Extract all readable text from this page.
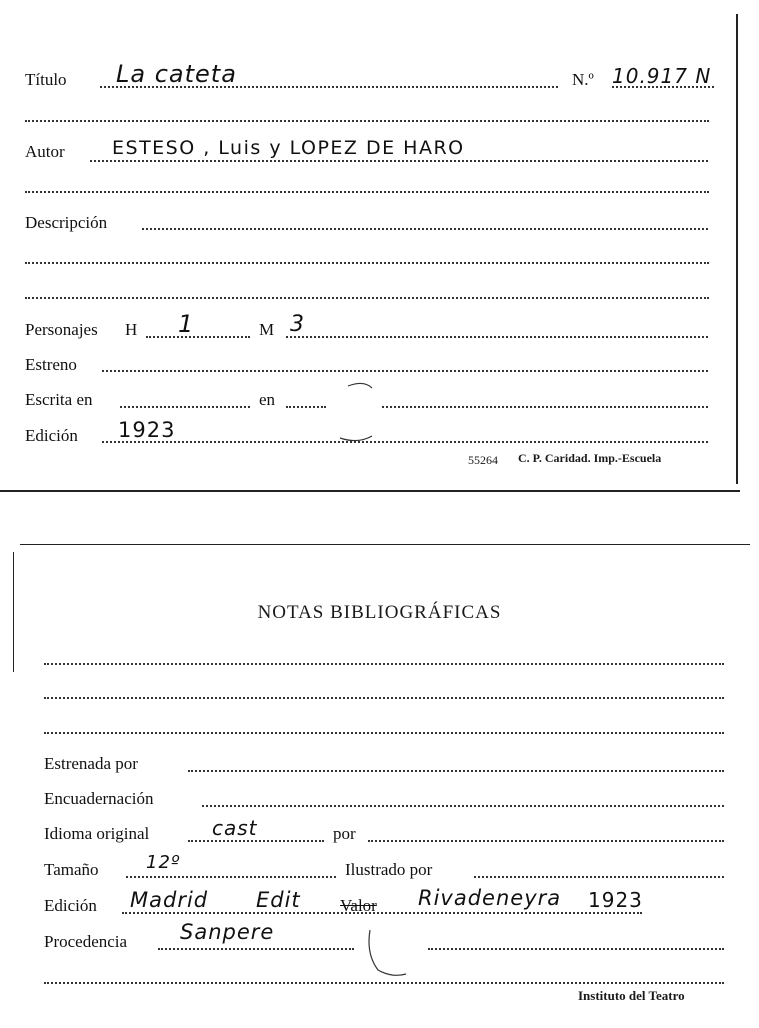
Título La cateta	N.º 10.917 N
Autor ESTESO , Luis y LOPEZ DE HARO
Descripción
Personajes H 1	M 3
Estreno
Escrita en	en
Edición 1923
55264 C. P. Caridad. Imp.-Escuela
NOTAS BIBLIOGRÁFICAS
Estrenada por
Encuadernación
Idioma original	cast	por
Tamaño	12º	Ilustrado por
Edición Madrid Edit Valor Rivadeneyra 1923
Procedencia	Sanpere
Instituto del Teatro
